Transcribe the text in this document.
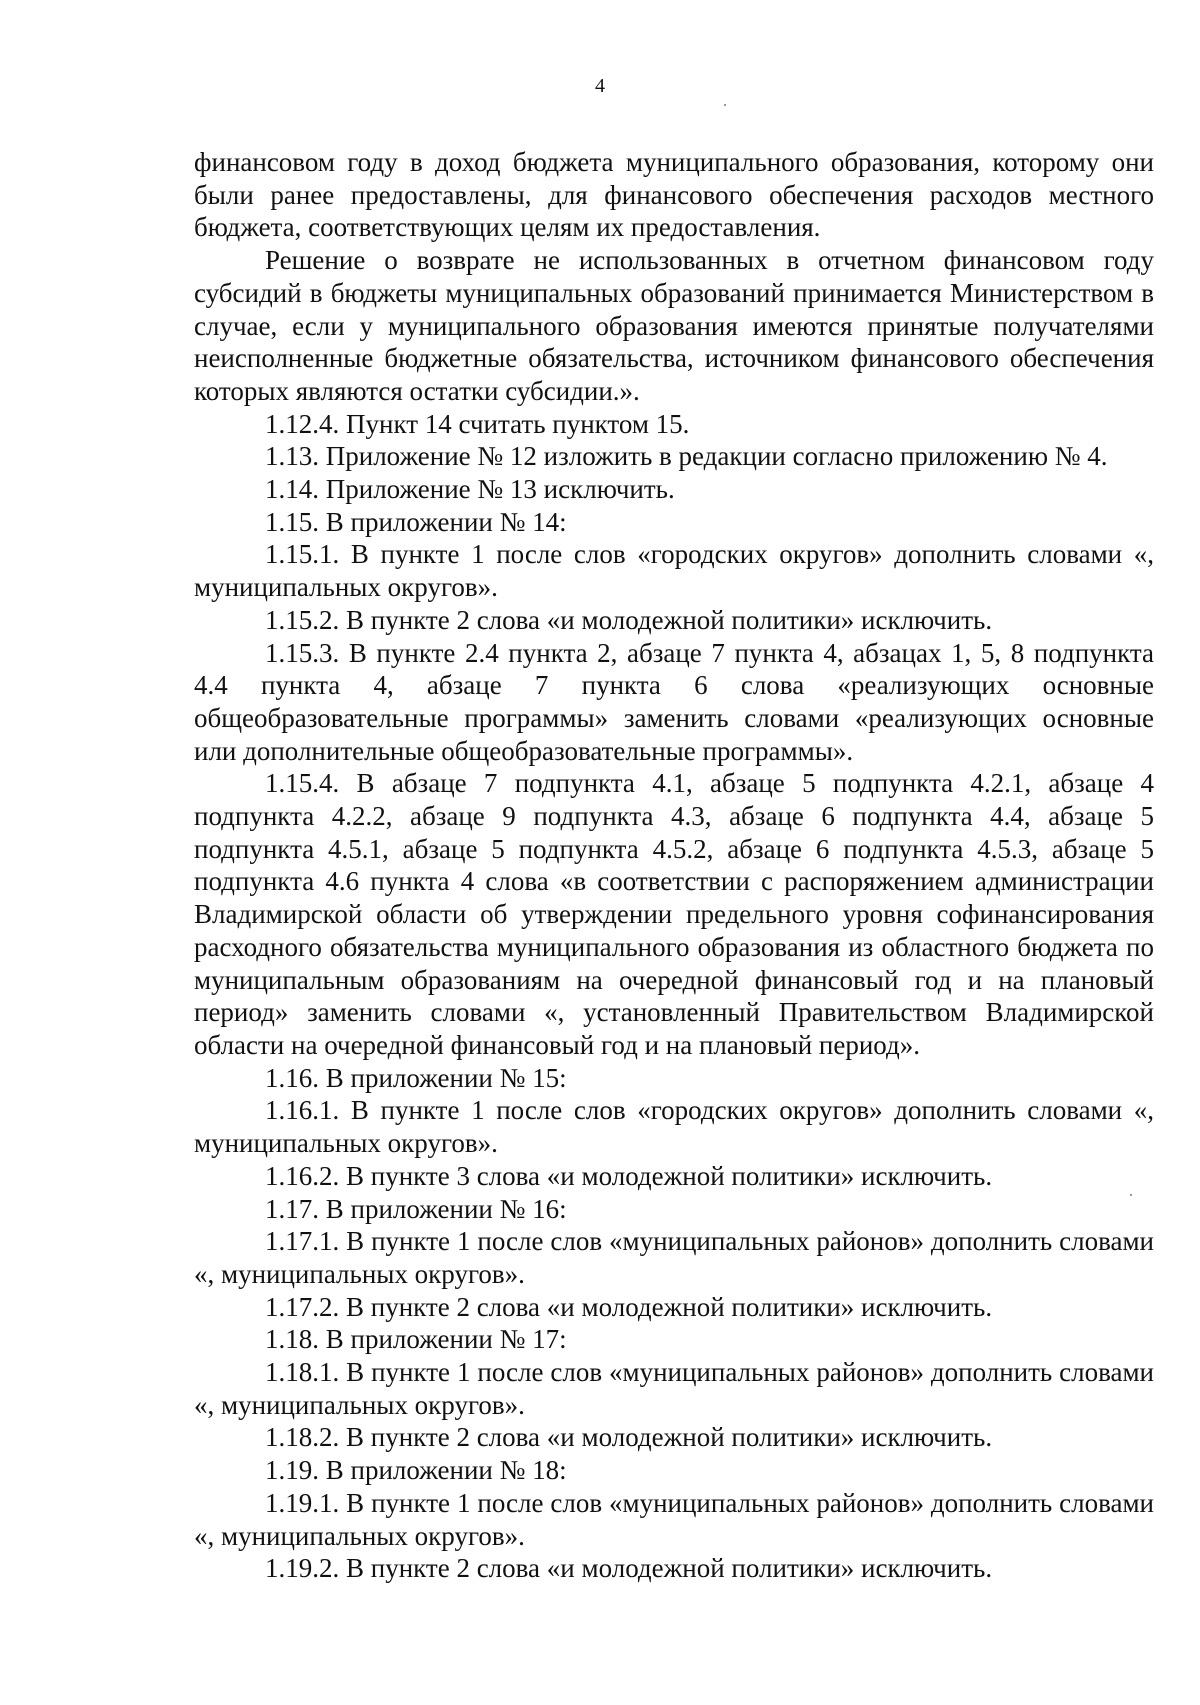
4

финансовом году в доход бюджета муниципального образования, которому они были ранее предоставлены, для финансового обеспечения расходов местного бюджета, соответствующих целям их предоставления.

Решение о возврате не использованных в отчетном финансовом году субсидий в бюджеты муниципальных образований принимается Министерством в случае, если у муниципального образования имеются принятые получателями неисполненные бюджетные обязательства, источником финансового обеспечения которых являются остатки субсидии.».

1.12.4. Пункт 14 считать пунктом 15.

1.13. Приложение № 12 изложить в редакции согласно приложению № 4.

1.14. Приложение № 13 исключить.

1.15. В приложении № 14:

1.15.1. В пункте 1 после слов «городских округов» дополнить словами «, муниципальных округов».

1.15.2. В пункте 2 слова «и молодежной политики» исключить.

1.15.3. В пункте 2.4 пункта 2, абзаце 7 пункта 4, абзацах 1, 5, 8 подпункта 4.4 пункта 4, абзаце 7 пункта 6 слова «реализующих основные общеобразовательные программы» заменить словами «реализующих основные или дополнительные общеобразовательные программы».

1.15.4. В абзаце 7 подпункта 4.1, абзаце 5 подпункта 4.2.1, абзаце 4 подпункта 4.2.2, абзаце 9 подпункта 4.3, абзаце 6 подпункта 4.4, абзаце 5 подпункта 4.5.1, абзаце 5 подпункта 4.5.2, абзаце 6 подпункта 4.5.3, абзаце 5 подпункта 4.6 пункта 4 слова «в соответствии с распоряжением администрации Владимирской области об утверждении предельного уровня софинансирования расходного обязательства муниципального образования из областного бюджета по муниципальным образованиям на очередной финансовый год и на плановый период» заменить словами «, установленный Правительством Владимирской области на очередной финансовый год и на плановый период».

1.16. В приложении № 15:

1.16.1. В пункте 1 после слов «городских округов» дополнить словами «, муниципальных округов».

1.16.2. В пункте 3 слова «и молодежной политики» исключить.

1.17. В приложении № 16:

1.17.1. В пункте 1 после слов «муниципальных районов» дополнить словами «, муниципальных округов».

1.17.2. В пункте 2 слова «и молодежной политики» исключить.

1.18. В приложении № 17:

1.18.1. В пункте 1 после слов «муниципальных районов» дополнить словами «, муниципальных округов».

1.18.2. В пункте 2 слова «и молодежной политики» исключить.

1.19. В приложении № 18:

1.19.1. В пункте 1 после слов «муниципальных районов» дополнить словами «, муниципальных округов».

1.19.2. В пункте 2 слова «и молодежной политики» исключить.
